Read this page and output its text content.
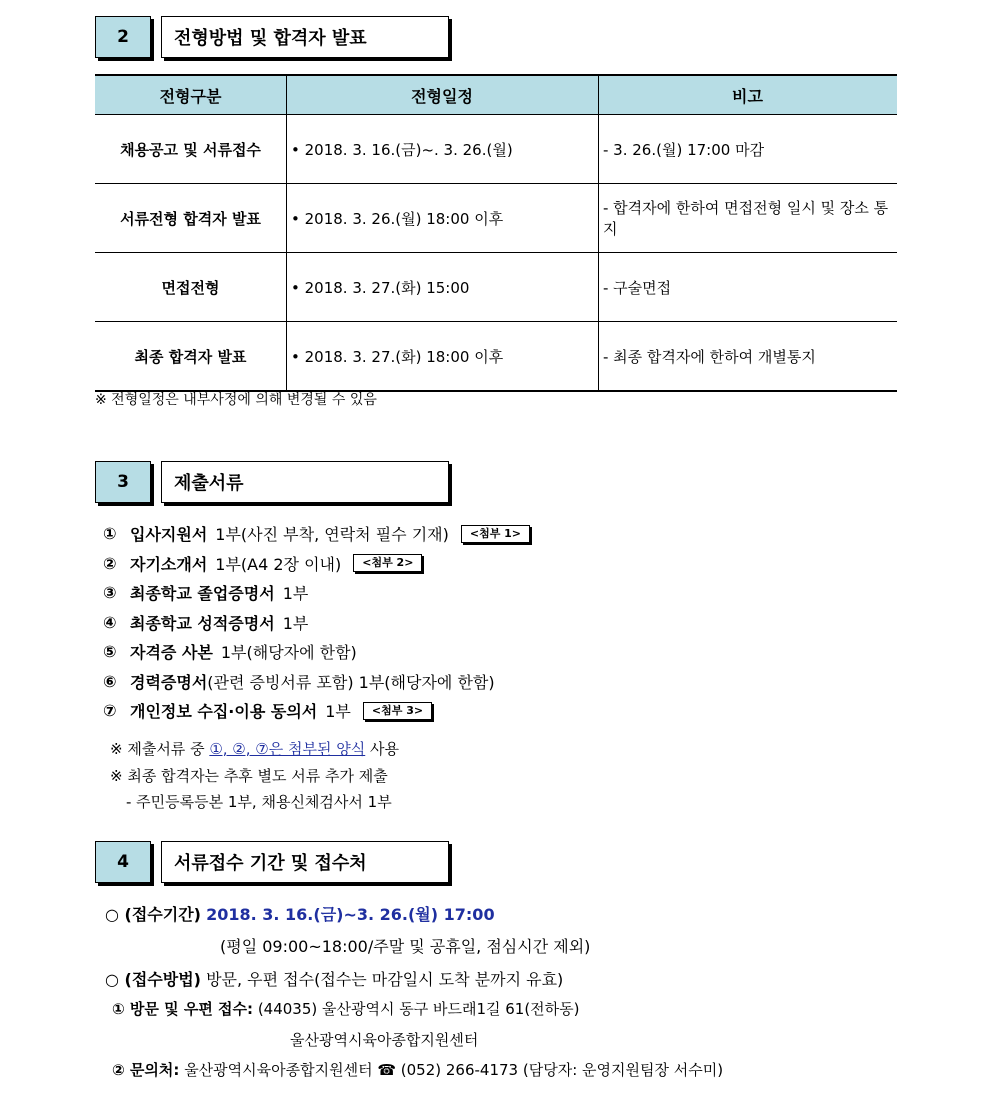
2	전형방법 및 합격자 발표
전형구분	전형일정	비고
채용공고 및 서류접수	• 2018. 3. 16.(금)~. 3. 26.(월)	- 3. 26.(월) 17:00 마감
서류전형 합격자 발표	• 2018. 3. 26.(월) 18:00 이후	- 합격자에 한하여 면접전형 일시 및 장소 통지
면접전형	• 2018. 3. 27.(화) 15:00	- 구술면접
최종 합격자 발표	• 2018. 3. 27.(화) 18:00 이후	- 최종 합격자에 한하여 개별통지
※ 전형일정은 내부사정에 의해 변경될 수 있음
3	제출서류
① 입사지원서 1부(사진 부착, 연락처 필수 기재)	<첨부 1>
② 자기소개서 1부(A4 2장 이내)	<첨부 2>
③ 최종학교 졸업증명서 1부
④ 최종학교 성적증명서 1부
⑤ 자격증 사본 1부(해당자에 한함)
⑥ 경력증명서 (관련 증빙서류 포함) 1부(해당자에 한함)
⑦ 개인정보 수집·이용 동의서 1부	<첨부 3>
※ 제출서류 중 ①, ②, ⑦은 첨부된 양식 사용
※ 최종 합격자는 추후 별도 서류 추가 제출
- 주민등록등본 1부, 채용신체검사서 1부
4	서류접수 기간 및 접수처
○ (접수기간) 2018. 3. 16.(금)~3. 26.(월) 17:00
(평일 09:00~18:00/주말 및 공휴일, 점심시간 제외)
○ (접수방법) 방문, 우편 접수(접수는 마감일시 도착 분까지 유효)
① 방문 및 우편 접수: (44035) 울산광역시 동구 바드래1길 61(전하동)
울산광역시육아종합지원센터
② 문의처: 울산광역시육아종합지원센터 ☎ (052) 266-4173 (담당자: 운영지원팀장 서수미)
